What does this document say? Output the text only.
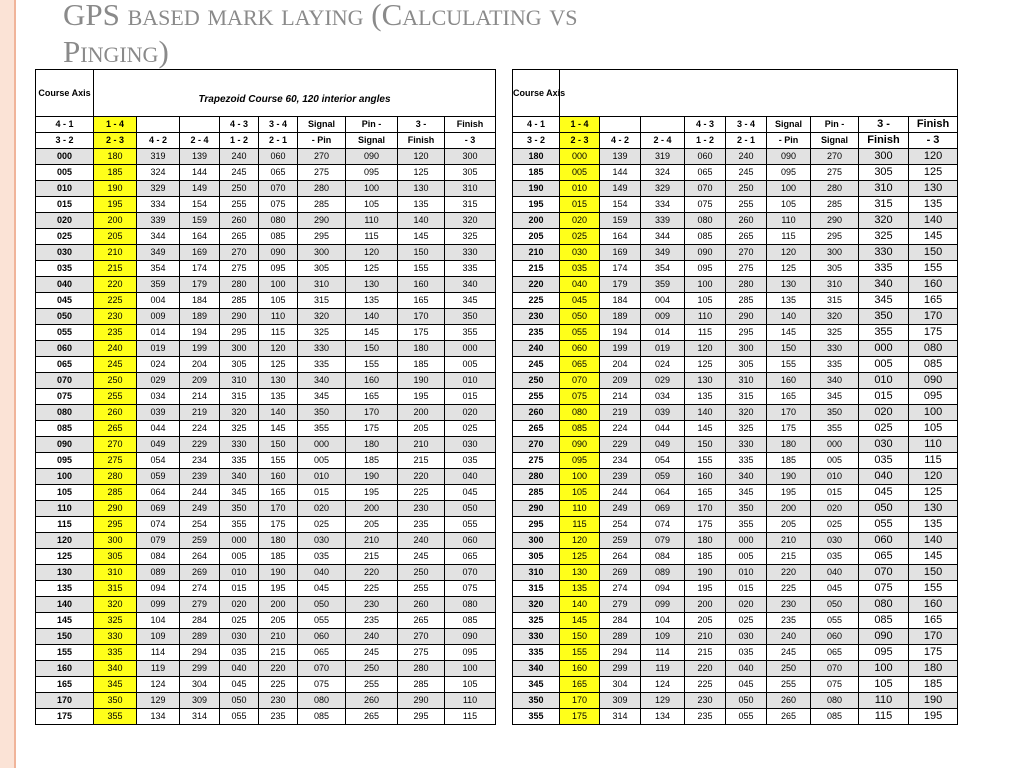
GPS based mark laying (Calculating vs
Pinging)
Course Axis	Trapezoid Course 60, 120 interior angles								
4 - 1	1 - 4			4 - 3	3 - 4	Signal	Pin -	3 -	Finish
3 - 2	2 - 3	4 - 2	2 - 4	1 - 2	2 - 1	- Pin	Signal	Finish	- 3
000	180	319	139	240	060	270	090	120	300
005	185	324	144	245	065	275	095	125	305
010	190	329	149	250	070	280	100	130	310
015	195	334	154	255	075	285	105	135	315
020	200	339	159	260	080	290	110	140	320
025	205	344	164	265	085	295	115	145	325
030	210	349	169	270	090	300	120	150	330
035	215	354	174	275	095	305	125	155	335
040	220	359	179	280	100	310	130	160	340
045	225	004	184	285	105	315	135	165	345
050	230	009	189	290	110	320	140	170	350
055	235	014	194	295	115	325	145	175	355
060	240	019	199	300	120	330	150	180	000
065	245	024	204	305	125	335	155	185	005
070	250	029	209	310	130	340	160	190	010
075	255	034	214	315	135	345	165	195	015
080	260	039	219	320	140	350	170	200	020
085	265	044	224	325	145	355	175	205	025
090	270	049	229	330	150	000	180	210	030
095	275	054	234	335	155	005	185	215	035
100	280	059	239	340	160	010	190	220	040
105	285	064	244	345	165	015	195	225	045
110	290	069	249	350	170	020	200	230	050
115	295	074	254	355	175	025	205	235	055
120	300	079	259	000	180	030	210	240	060
125	305	084	264	005	185	035	215	245	065
130	310	089	269	010	190	040	220	250	070
135	315	094	274	015	195	045	225	255	075
140	320	099	279	020	200	050	230	260	080
145	325	104	284	025	205	055	235	265	085
150	330	109	289	030	210	060	240	270	090
155	335	114	294	035	215	065	245	275	095
160	340	119	299	040	220	070	250	280	100
165	345	124	304	045	225	075	255	285	105
170	350	129	309	050	230	080	260	290	110
175	355	134	314	055	235	085	265	295	115
Course Axis									
4 - 1	1 - 4			4 - 3	3 - 4	Signal	Pin -	3 -	Finish
3 - 2	2 - 3	4 - 2	2 - 4	1 - 2	2 - 1	- Pin	Signal	Finish	- 3
180	000	139	319	060	240	090	270	300	120
185	005	144	324	065	245	095	275	305	125
190	010	149	329	070	250	100	280	310	130
195	015	154	334	075	255	105	285	315	135
200	020	159	339	080	260	110	290	320	140
205	025	164	344	085	265	115	295	325	145
210	030	169	349	090	270	120	300	330	150
215	035	174	354	095	275	125	305	335	155
220	040	179	359	100	280	130	310	340	160
225	045	184	004	105	285	135	315	345	165
230	050	189	009	110	290	140	320	350	170
235	055	194	014	115	295	145	325	355	175
240	060	199	019	120	300	150	330	000	080
245	065	204	024	125	305	155	335	005	085
250	070	209	029	130	310	160	340	010	090
255	075	214	034	135	315	165	345	015	095
260	080	219	039	140	320	170	350	020	100
265	085	224	044	145	325	175	355	025	105
270	090	229	049	150	330	180	000	030	110
275	095	234	054	155	335	185	005	035	115
280	100	239	059	160	340	190	010	040	120
285	105	244	064	165	345	195	015	045	125
290	110	249	069	170	350	200	020	050	130
295	115	254	074	175	355	205	025	055	135
300	120	259	079	180	000	210	030	060	140
305	125	264	084	185	005	215	035	065	145
310	130	269	089	190	010	220	040	070	150
315	135	274	094	195	015	225	045	075	155
320	140	279	099	200	020	230	050	080	160
325	145	284	104	205	025	235	055	085	165
330	150	289	109	210	030	240	060	090	170
335	155	294	114	215	035	245	065	095	175
340	160	299	119	220	040	250	070	100	180
345	165	304	124	225	045	255	075	105	185
350	170	309	129	230	050	260	080	110	190
355	175	314	134	235	055	265	085	115	195
